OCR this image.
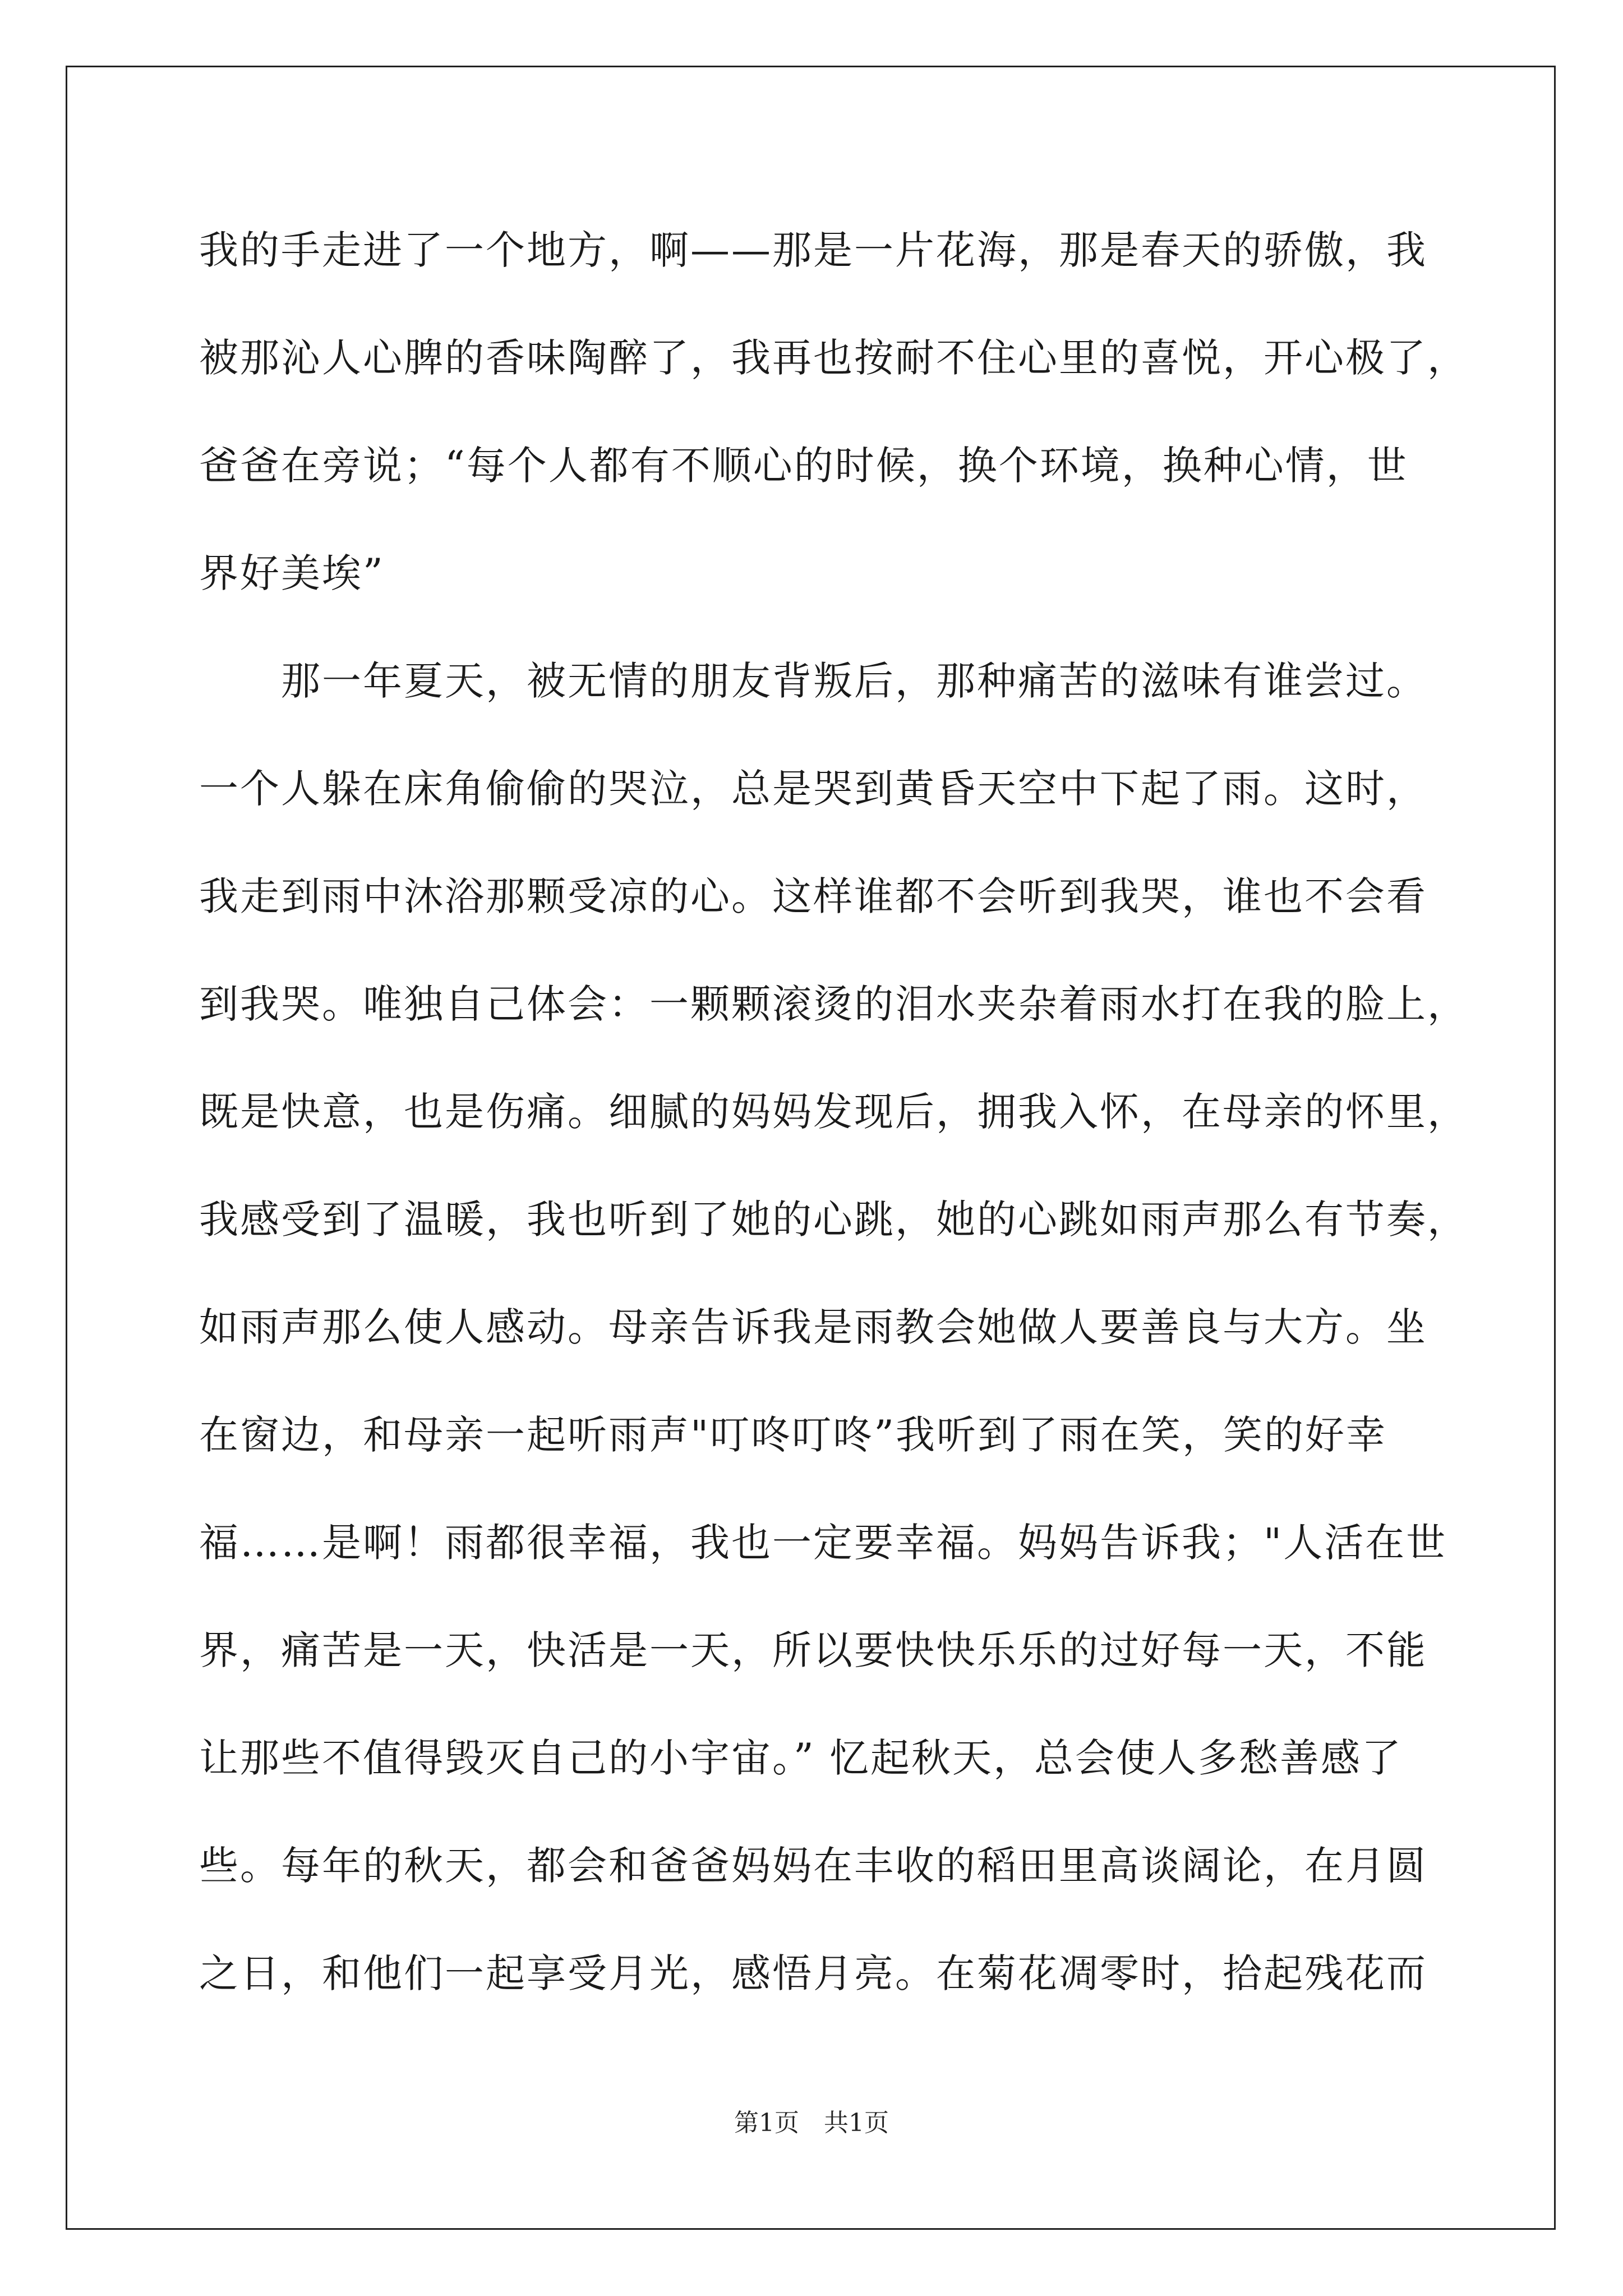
我的手走进了一个地方，啊——那是一片花海，那是春天的骄傲，我
被那沁人心脾的香味陶醉了，我再也按耐不住心里的喜悦，开心极了，
爸爸在旁说；“每个人都有不顺心的时候，换个环境，换种心情，世
界好美埃”
　　那一年夏天，被无情的朋友背叛后，那种痛苦的滋味有谁尝过。
一个人躲在床角偷偷的哭泣，总是哭到黄昏天空中下起了雨。这时，
我走到雨中沐浴那颗受凉的心。这样谁都不会听到我哭，谁也不会看
到我哭。唯独自己体会：一颗颗滚烫的泪水夹杂着雨水打在我的脸上，
既是快意，也是伤痛。细腻的妈妈发现后，拥我入怀，在母亲的怀里，
我感受到了温暖，我也听到了她的心跳，她的心跳如雨声那么有节奏，
如雨声那么使人感动。母亲告诉我是雨教会她做人要善良与大方。坐
在窗边，和母亲一起听雨声"叮咚叮咚”我听到了雨在笑，笑的好幸
福……是啊！雨都很幸福，我也一定要幸福。妈妈告诉我；"人活在世
界，痛苦是一天，快活是一天，所以要快快乐乐的过好每一天，不能
让那些不值得毁灭自己的小宇宙。” 忆起秋天，总会使人多愁善感了
些。每年的秋天，都会和爸爸妈妈在丰收的稻田里高谈阔论，在月圆
之日，和他们一起享受月光，感悟月亮。在菊花凋零时，拾起残花而
第1页　共1页
